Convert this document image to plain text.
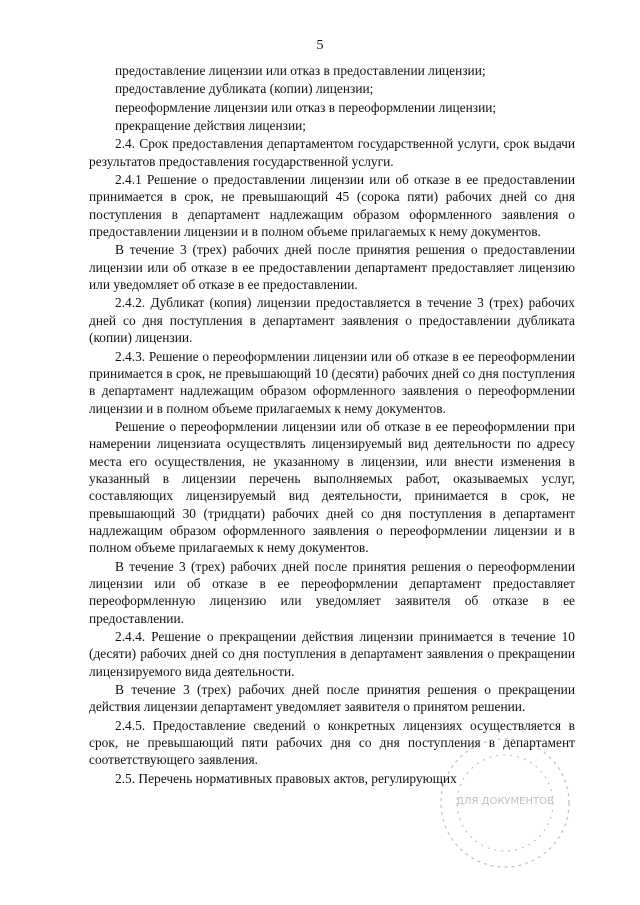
5

предоставление лицензии или отказ в предоставлении лицензии;

предоставление дубликата (копии) лицензии;

переоформление лицензии или отказ в переоформлении лицензии;

прекращение действия лицензии;

2.4. Срок предоставления департаментом государственной услуги, срок выдачи результатов предоставления государственной услуги.

2.4.1 Решение о предоставлении лицензии или об отказе в ее предоставлении принимается в срок, не превышающий 45 (сорока пяти) рабочих дней со дня поступления в департамент надлежащим образом оформленного заявления о предоставлении лицензии и в полном объеме прилагаемых к нему документов.

В течение 3 (трех) рабочих дней после принятия решения о предоставлении лицензии или об отказе в ее предоставлении департамент предоставляет лицензию или уведомляет об отказе в ее предоставлении.

2.4.2. Дубликат (копия) лицензии предоставляется в течение 3 (трех) рабочих дней со дня поступления в департамент заявления о предоставлении дубликата (копии) лицензии.

2.4.3. Решение о переоформлении лицензии или об отказе в ее переоформлении принимается в срок, не превышающий 10 (десяти) рабочих дней со дня поступления в департамент надлежащим образом оформленного заявления о переоформлении лицензии и в полном объеме прилагаемых к нему документов.

Решение о переоформлении лицензии или об отказе в ее переоформлении при намерении лицензиата осуществлять лицензируемый вид деятельности по адресу места его осуществления, не указанному в лицензии, или внести изменения в указанный в лицензии перечень выполняемых работ, оказываемых услуг, составляющих лицензируемый вид деятельности, принимается в срок, не превышающий 30 (тридцати) рабочих дней со дня поступления в департамент надлежащим образом оформленного заявления о переоформлении лицензии и в полном объеме прилагаемых к нему документов.

В течение 3 (трех) рабочих дней после принятия решения о переоформлении лицензии или об отказе в ее переоформлении департамент предоставляет переоформленную лицензию или уведомляет заявителя об отказе в ее предоставлении.

2.4.4. Решение о прекращении действия лицензии принимается в течение 10 (десяти) рабочих дней со дня поступления в департамент заявления о прекращении лицензируемого вида деятельности.

В течение 3 (трех) рабочих дней после принятия решения о прекращении действия лицензии департамент уведомляет заявителя о принятом решении.

2.4.5. Предоставление сведений о конкретных лицензиях осуществляется в срок, не превышающий пяти рабочих дня со дня поступления в департамент соответствующего заявления.

2.5. Перечень нормативных правовых актов, регулирующих

ДЛЯ ДОКУМЕНТОВ
